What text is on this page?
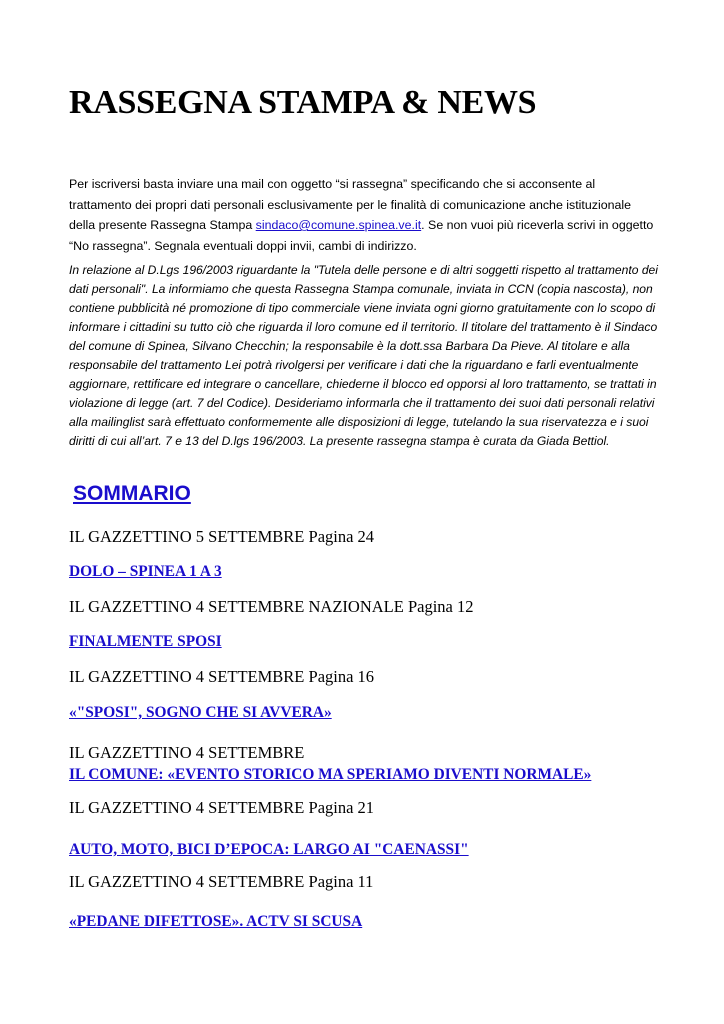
RASSEGNA STAMPA & NEWS

Per iscriversi basta inviare una mail con oggetto “si rassegna” specificando che si acconsente al trattamento dei propri dati personali esclusivamente per le finalità di comunicazione anche istituzionale della presente Rassegna Stampa sindaco@comune.spinea.ve.it. Se non vuoi più riceverla scrivi in oggetto “No rassegna”. Segnala eventuali doppi invii, cambi di indirizzo.

In relazione al D.Lgs 196/2003 riguardante la "Tutela delle persone e di altri soggetti rispetto al trattamento dei dati personali". La informiamo che questa Rassegna Stampa comunale, inviata in CCN (copia nascosta), non contiene pubblicità né promozione di tipo commerciale viene inviata ogni giorno gratuitamente con lo scopo di informare i cittadini su tutto ciò che riguarda il loro comune ed il territorio. Il titolare del trattamento è il Sindaco del comune di Spinea, Silvano Checchin; la responsabile è la dott.ssa Barbara Da Pieve. Al titolare e alla responsabile del trattamento Lei potrà rivolgersi per verificare i dati che la riguardano e farli eventualmente aggiornare, rettificare ed integrare o cancellare, chiederne il blocco ed opporsi al loro trattamento, se trattati in violazione di legge (art. 7 del Codice). Desideriamo informarla che il trattamento dei suoi dati personali relativi alla mailinglist sarà effettuato conformemente alle disposizioni di legge, tutelando la sua riservatezza e i suoi diritti di cui all’art. 7 e 13 del D.lgs 196/2003. La presente rassegna stampa è curata da Giada Bettiol.

SOMMARIO

IL GAZZETTINO 5 SETTEMBRE Pagina 24

DOLO – SPINEA 1 A 3

IL GAZZETTINO 4 SETTEMBRE NAZIONALE Pagina 12

FINALMENTE SPOSI

IL GAZZETTINO 4 SETTEMBRE Pagina 16

«"SPOSI", SOGNO CHE SI AVVERA»

IL GAZZETTINO 4 SETTEMBRE

IL COMUNE: «EVENTO STORICO MA SPERIAMO DIVENTI NORMALE»

IL GAZZETTINO 4 SETTEMBRE Pagina 21

AUTO, MOTO, BICI D’EPOCA: LARGO AI "CAENASSI"

IL GAZZETTINO 4 SETTEMBRE Pagina 11

«PEDANE DIFETTOSE». ACTV SI SCUSA
